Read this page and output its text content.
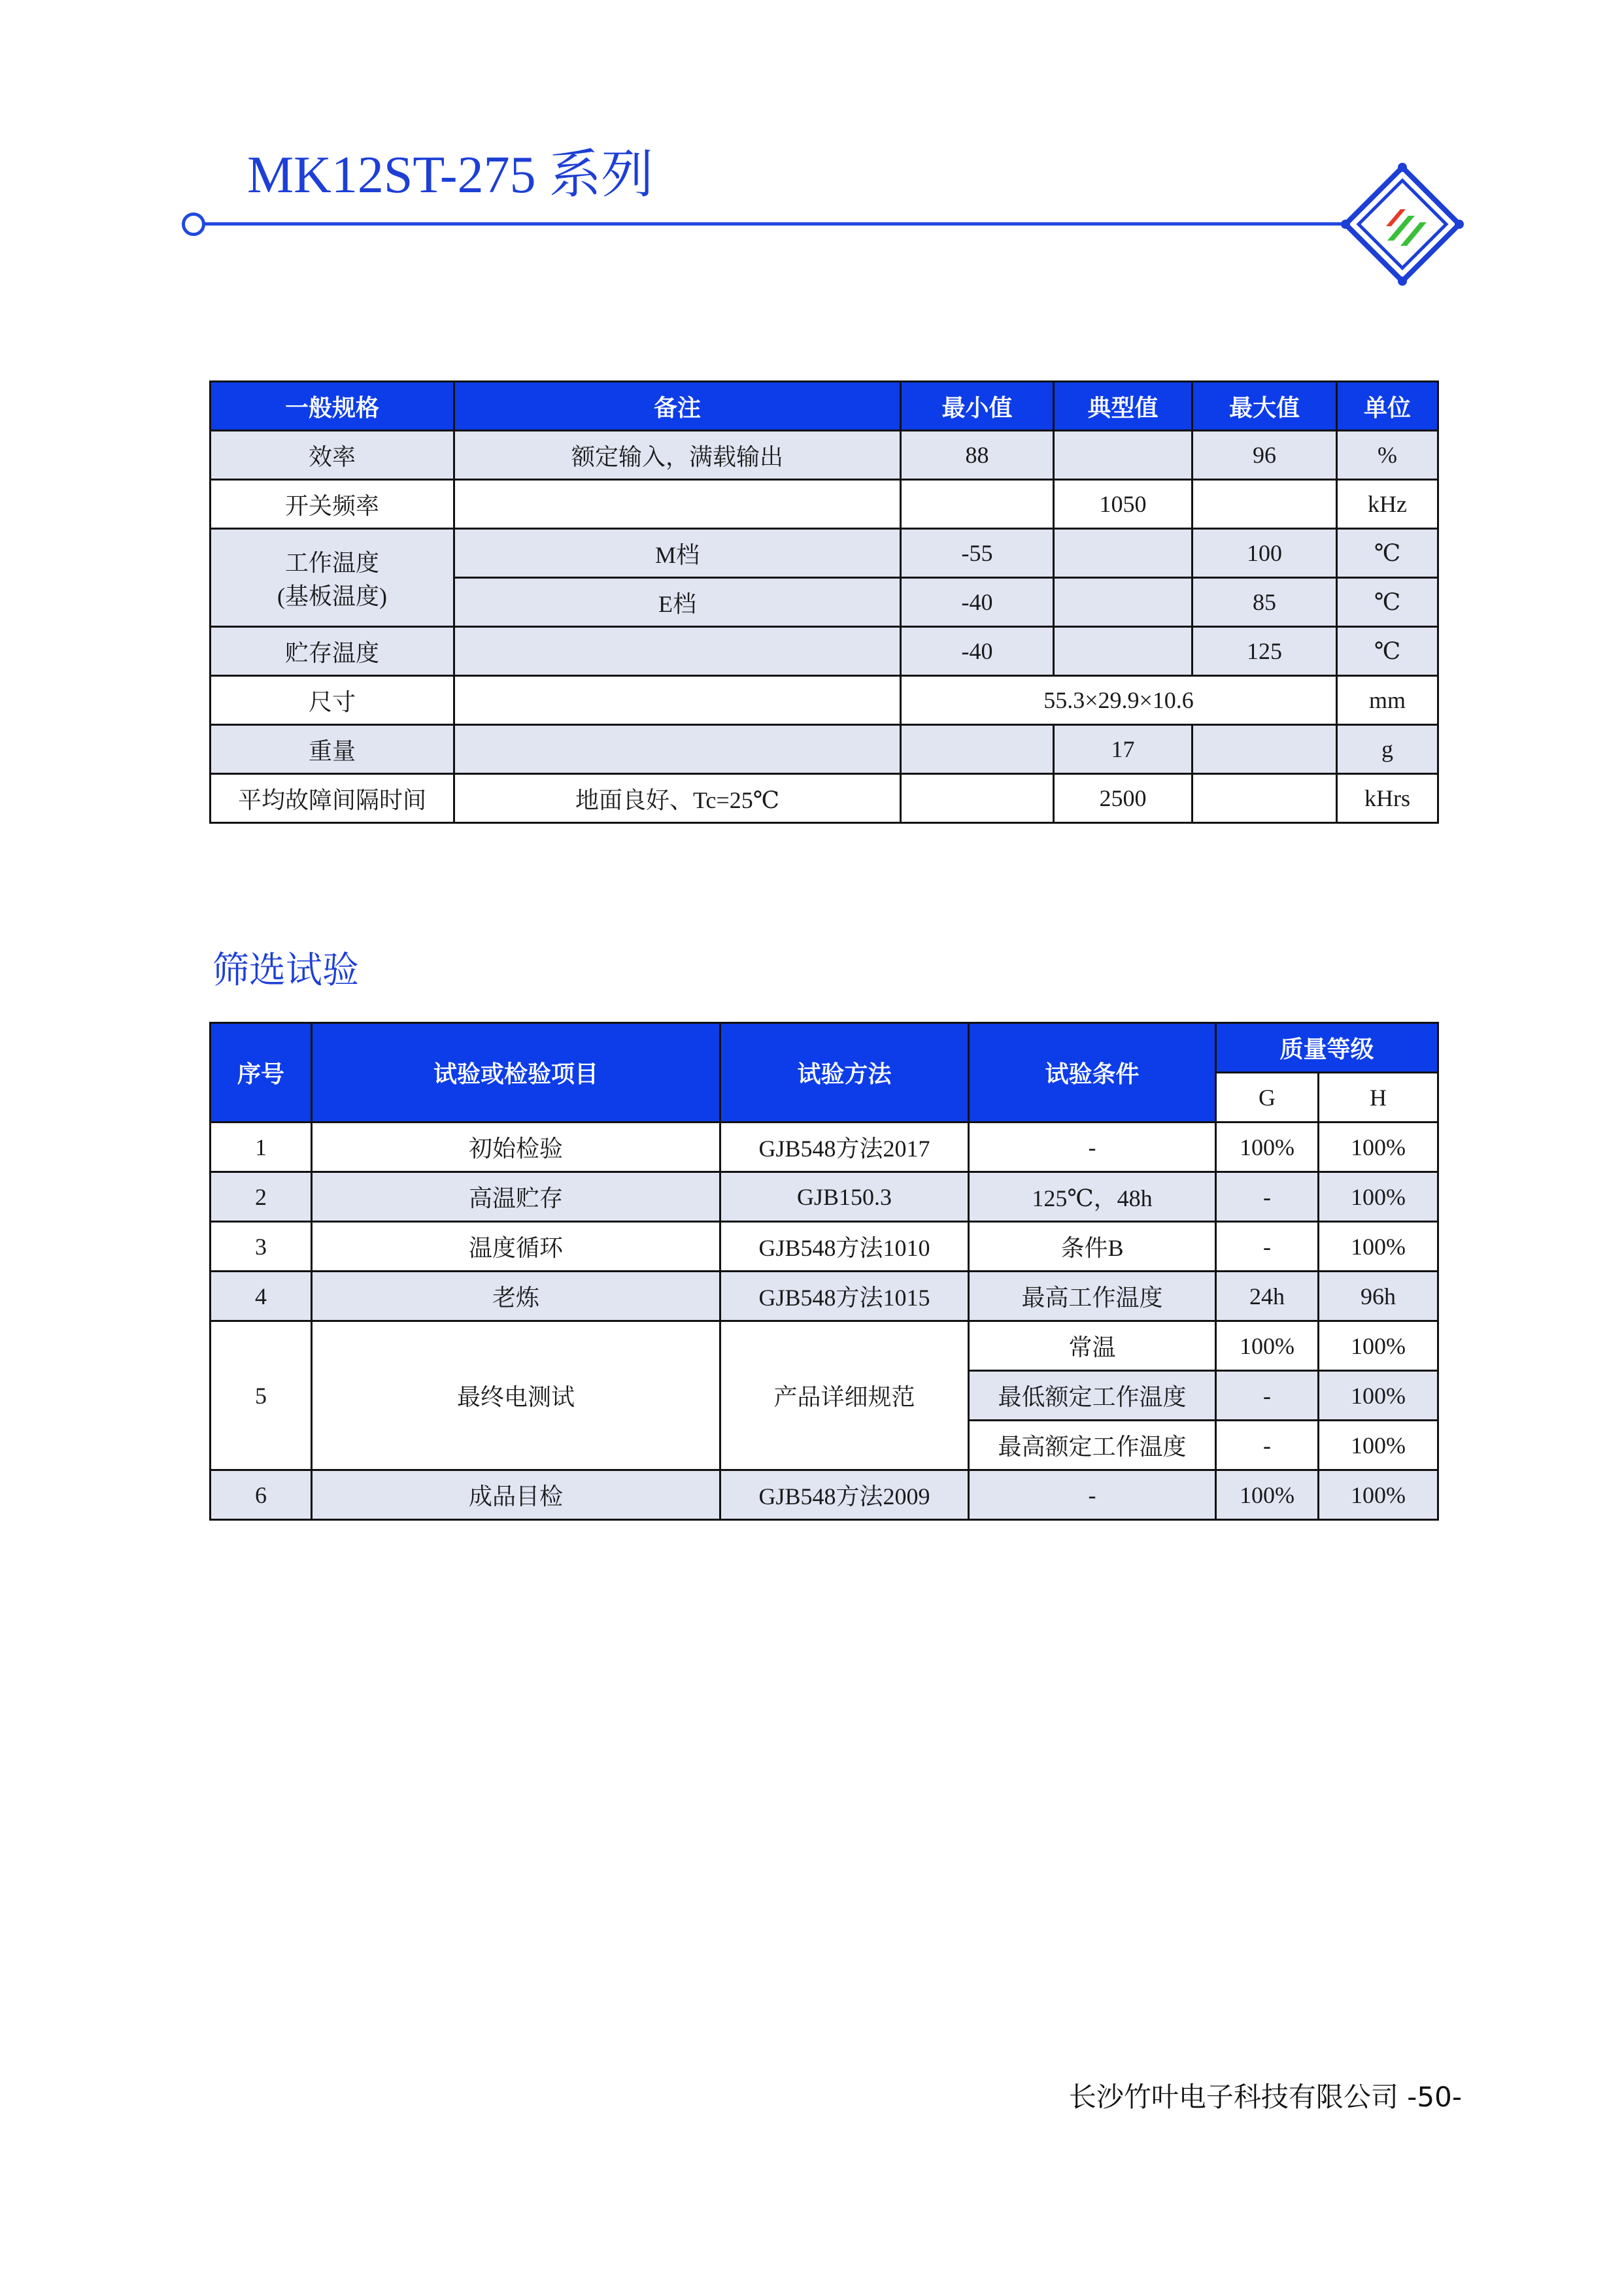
MK12ST-275 系列
一般规格	备注	最小值	典型值	最大值	单位
效率	额定输入，满载输出	88		96	%
开关频率			1050		kHz

工作温度
(基板温度)	M档	-55		100	℃
	E档	-40		85	℃
贮存温度		-40		125	℃
尺寸		55.3×29.9×10.6			mm
重量			17		g
平均故障间隔时间	地面良好、Tc=25℃		2500		kHrs
筛选试验
序号	试验或检验项目	试验方法	试验条件	质量等级	
				G	H
1	初始检验	GJB548方法2017	-	100%	100%
2	高温贮存	GJB150.3	125℃，48h	-	100%
3	温度循环	GJB548方法1010	条件B	-	100%
4	老炼	GJB548方法1015	最高工作温度	24h	96h
5	最终电测试	产品详细规范	常温	100%	100%
			最低额定工作温度	-	100%
			最高额定工作温度	-	100%
6	成品目检	GJB548方法2009	-	100%	100%
长沙竹叶电子科技有限公司 -50-
